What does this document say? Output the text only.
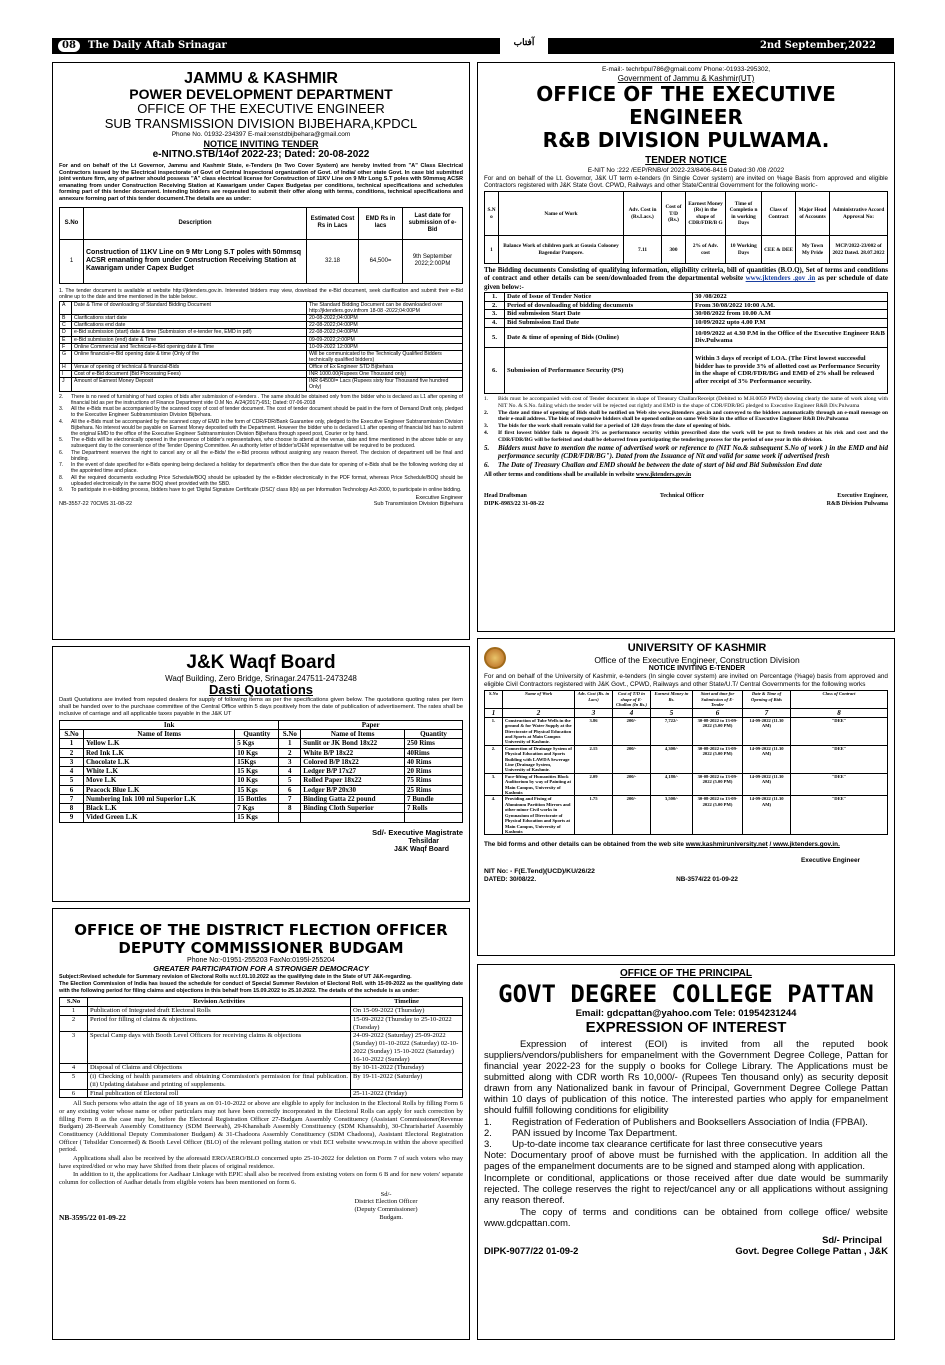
08	The Daily Aftab Srinagar	آفتاب	2nd September,2022
JAMMU & KASHMIR
POWER DEVELOPMENT DEPARTMENT
OFFICE OF THE EXECUTIVE ENGINEER
SUB TRANSMISSION DIVISION BIJBEHARA,KPDCL
Phone No. 01932-234397 E-mail:xenstdbijbehara@gmail.com
NOTICE INVITING TENDER
e-NITNO.STB/14of 2022-23; Dated: 20-08-2022

For and on behalf of the Lt Governor, Jammu and Kashmir State, e-Tenders (In Two Cover System) are hereby invited from "A" Class Electrical Contractors issued by the Electrical inspectorate of Govt of Central Inspectoral organization of Govt. of India/ other state Govt. In case bid submitted joint venture firm, any of partner should possess "A" class electrical license for Construction of 11KV Line on 9 Mtr Long S.T poles with 50mmsq ACSR emanating from under Construction Receiving Station at Kawarigam under Capex Budgetas per conditions, technical specifications and schedules forming part of this tender document. Intending bidders are requested to submit their offer along with terms, conditions, technical specifications and annexure forming part of this tender document.The details are as under:

S.No	Description	Estimated Cost Rs in Lacs	EMD Rs in lacs	Last date for submission of e-Bid
1	Construction of 11KV Line on 9 Mtr Long S.T poles with 50mmsq ACSR emanating from under Construction Receiving Station at Kawarigam under Capex Budget	32.18	64,500=	9th September 2022;2:00PM

1. The tender document is available at website http://jktenders.gov.in. Interested bidders may view, download the e-Bid document, seek clarification and submit their e-Bid online up to the date and time mentioned in the table below:.

A	Date & Time of downloading of Standard Bidding Document	The Standard Bidding Document can be downloaded over http://jktenders.gov.infrom 18-08 -2022;04:00PM
B	Clarifications start date	20-08-2022;04:00PM
C	Clarifications end date	22-08-2022;04:00PM
D	e-Bid submission (start) date & time (Submission of e-tender fee, EMD in pdf)	22-08-2022;04:00PM
E	e-Bid submission (end) date & Time	09-09-2022;2:00PM
F	Online Commercial and Technical-e-Bid opening date & Time	10-09-2022 12:00PM
G	Online financial-e-Bid opening date & time (Only of the	Will be communicated to the Technically Qualified Bidders technically qualified bidders)
H	Venue of opening of technical & financial-Bids	Office of Ex Engineer STD Bijbehara
I	Cost of e-Bid document (Bid Processing Fees)	INR 1000.00(Rupees One Thousand only)
J	Amount of Earnest Money Deposit	INR 64500/= Lacs (Rupees sixty four Thousand five hundred Only)
2.	There is no need of furnishing of hard copies of bids after submission of e-tenders . The same should be obtained only from the bidder who is declared as L1 after opening of financial bid as per the instructions of Finance Department vide O.M No. A/24(2017)-651; Dated: 07-06-2018
3.	All the e-Bids must be accompanied by the scanned copy of cost of tender document. The cost of tender document should be paid in the form of Demand Draft only, pledged to the Executive Engineer Subtransmission Division Bijbehara.
4.	All the e-Bids must be accompanied by the scanned copy of EMD in the form of CDR/FDR/Bank Guarantee only, pledged to the Executive Engineer Subtransmission Division Bijbehara. No interest would be payable on Earnest Money deposited with the Department. However the bidder who is declared L1 after opening of financial bid has to submit the original EMD to the office of the Executive Engineer Subtransmission Division Bijbehara through speed post, Courier or by hand.
5.	The e-Bids will be electronically opened in the presence of bidder's representatives, who choose to attend at the venue, date and time mentioned in the above table or any subsequent day to the convenience of the Tender Opening Committee. An authority letter of bidder's/OEM representative will be required to be produced.
6.	The Department reserves the right to cancel any or all the e-Bids/ the e-Bid process without assigning any reason thereof. The decision of department will be final and binding.
7.	In the event of date specified for e-Bids opening being declared a holiday for department's office then the due date for opening of e-Bids shall be the following working day at the appointed time and place.
8.	All the required documents excluding Price Schedule/BOQ should be uploaded by the e-Bidder electronically in the PDF format, whereas Price Schedule/BOQ should be uploaded electronically in the same BOQ sheet provided with the SBD.
9.	To participate in e-bidding process, bidders have to get 'Digital Signature Certificate (DSC)' class II(b) as per Information Technology Act-2000, to participate in online bidding.
Executive Engineer
NB-3557-22 70CMS 31-08-22	Sub Transmission Division Bijbehara
E-mail:- techrbpul786@gmail.com/ Phone:-01933-295302,
Government of Jammu & Kashmir(UT)
OFFICE OF THE EXECUTIVE ENGINEER
R&B DIVISION PULWAMA.
TENDER NOTICE
E-NIT No :222 /EEP/RNB/of 2022-23/8406-8416 Dated:30 /08 /2022

For and on behalf of the Lt. Governor, J&K UT term e-tenders (In Single Cover system) are invited on %age Basis from approved and eligible Contractors registered with J&K State Govt. CPWD, Railways and other State/Central Government for the following work:-

S.N o	Name of Work	Adv. Cost in (Rs.Lacs.)	Cost of T/D (Rs.)	Earnest Money (Rs) in the shape of CDR/FDR/B G	Time of Completio n in working Days	Class of Contract	Major Head of Accounts	Administrative Accord Approval No:
1	Balance Work of children park at Gousia Colooney Bagendar Pampore.	7.11	300	2% of Adv. cost	10 Working Days	CEE & DEE	My Town My Pride	MCP/2022-23/002 of 2022 Dated. 28.07.2022

The Bidding documents Consisting of qualifying information, eligibility criteria, bill of quantities (B.O.Q), Set of terms and conditions of contract and other details can be seen/downloaded from the departmental website www.jktenders .gov .in as per schedule of date given below:-

1.	Date of Issue of Tender Notice	30 /08/2022
2.	Period of downloading of bidding documents	From 30/08/2022 10:00 A.M.
3.	Bid submission Start Date	30/08/2022 from 10.00 A.M
4.	Bid Submission End Date	10/09/2022 upto 4.00 P.M
5.	Date & time of opening of Bids (Online)	10/09/2022 at 4.30 P.M in the Office of the Executive Engineer R&B Div.Pulwama
6.	Submission of Performance Security (PS)	Within 3 days of receipt of LOA. (The First lowest successful bidder has to provide 3% of allotted cost as Performance Security in the shape of CDR/FDR/BG and EMD of 2% shall be released after receipt of 3% Performance security.
1.	Bids must be accompanied with cost of Tender document in shape of Treasury Challan/Receipt (Debited to M.H.0059 PWD) showing clearly the name of work along with NIT No. & S.No. failing which the tender will be rejected out rightly and EMD in the shape of CDR/FDR/BG pledged to Executive Engineer R&B Div.Pulwama
2.	The date and time of opening of Bids shall be notified on Web site www.jktenders .gov.in and conveyed to the bidders automatically through an e-mail message on their e-mail address. The bids of responsive bidders shall be opened online on same Web Site in the office of Executive Engineer R&B Div.Pulwama
3.	The bids for the work shall remain valid for a period of 120 days from the date of opening of bids.
4.	If first lowest bidder fails to deposit 3% as performance security within prescribed date the work will be put to fresh tenders at his risk and cost and the CDR/FDR/BG will be forfeited and shall be debarred from participating the tendering process for the period of one year in this division.
5.	Bidders must have to mention the name of advertised work or reference to (NIT No.& subsequent S.No of work ) in the EMD and bid performance security (CDR/FDR/BG"). Dated from the Issuance of Nit and valid for same work if advertised fresh
6.	The Date of Treasury Challan and EMD should be between the date of start of bid and Bid Submission End date

All other terms and conditions shall be available in website www.jktenders.gov.in

Head Draftsman	Technical Officer	Executive Engineer,
DIPK-8983/22 31-08-22	R&B Division Pulwama
J&K Waqf Board
Waqf Building, Zero Bridge, Srinagar.247511-2473248
Dasti Quotations

Dasti Quotations are invited from reputed dealers for supply of following items as per the specifications given below. The quotations quoting rates per item shall be handed over to the purchase committee of the Central Office within 5 days positively from the date of publication of advertisement. The rates shall be inclusive of carriage and all applicable taxes payable in the J&K UT

Ink			Paper		
S.No	Name of Items	Quantity	S.No	Name of Items	Quantity
1	Yellow L.K	5 Kgs	1	Sunlit or JK Bond 18x22	250 Rims
2	Red Ink L.K	10 Kgs	2	White B/P 18x22	40Rims
3	Chocolate L.K	15Kgs	3	Colored B/P 18x22	40 Rims
4	White L.K	15 Kgs	4	Ledger B/P 17x27	20 Rims
5	Move L.K	10 Kgs	5	Rolled Paper 18x22	75 Rims
6	Peacock Blue L.K	15 Kgs	6	Ledger B/P 20x30	25 Rims
7	Numbering Ink 100 ml Superior L.K	15 Bottles	7	Binding Gatta 22 pound	7 Bundle
8	Black L.K	7 Kgs	8	Binding Cloth Superior	7 Rolls
9	Vided Green L.K	15 Kgs			
Sd/- Executive Magistrate
Tehsildar
J&K Waqf Board
UNIVERSITY OF KASHMIR
Office of the Executive Engineer, Construction Division
NOTICE INVITING E-TENDER

For and on behalf of the University of Kashmir, e-tenders (In single cover system) are invited on Percentage (%age) basis from approved and eligible Civil Contractors registered with J&K Govt., CPWD, Railways and other State/U.T/ Central Governments for the following works

S.No	Name of Work	Adv. Cost (Rs. in Lacs)	Cost of T/D in shape of E-Challan (In Rs.)	Earnest Money in Rs.	Start and time for Submission of E-Tender	Date & Time of Opening of Bids	Class of Contract
1	2	3	4	5	6	7	8
1.	Construction of Tube Wells in the ground & for Water Supply at the Directorate of Physical Education and Sports at Main Campus University of Kashmir.	3.86	200/-	7,722/-	30-08-2022 to 13-09-2022 (5.00 PM)	14-09-2022 (11.30 AM)	"DEE"
2.	Connection of Drainage System of Physical Education and Sports Building with LAWDA Sewerage Line (Drainage System, University of Kashmir.	2.15	200/-	4,300/-	30-08-2022 to 13-09-2022 (5.00 PM)	14-09-2022 (11.30 AM)	"DEE"
3.	Face-lifting of Humanities Block Auditorium by way of Painting at Main Campus, University of Kashmir.	2.09	200/-	4,180/-	30-08-2022 to 13-09-2022 (5.00 PM)	14-09-2022 (11.30 AM)	"DEE"
4.	Providing and Fixing of Aluminum Partition Mirrors and other minor Civil works in Gymnasium of Directorate of Physical Education and Sports at Main Campus, University of Kashmir.	1.75	200/-	3,500/-	30-08-2022 to 13-09-2022 (5.00 PM)	14-09-2022 (11.30 AM)	"DEE"

The bid forms and other details can be obtained from the web site www.kashmiruniversity.net / www.jktenders.gov.in.

Executive Engineer
NIT No: - F(E.Tend)(UCD)/KU/26/22
DATED: 30/08/22.	NB-3574/22 01-09-22
OFFICE OF THE DISTRICT FLECTION OFFICER
DEPUTY COMMISSIONER BUDGAM
Phone No:-01951-255203 FaxNo:0195l-255204
GREATER PARTICIPATION FOR A STRONGER DEMOCRACY

Subject:Revised schedule for Summary revision of Electoral Rolls w.r.f.01.10.2022 as the qualifying date in the State of UT J&K-regarding.

The Election Commission of India has issued the schedule for conduct of Special Summer Revision of Electoral Roll. with 15-09-2022 as the qualifying date with the following period for filing claims and objections in this behalf from 15.09.2022 to 25.10.2022. The details of the schedule is as under:

S.No	Revision Activities	Timeline
1	Publication of Integrated draft Electoral Rolls	On 15-09-2022 (Thursday)
2	Period for filling of claims & objections.	15-09-2022 (Thursday to 25-10-2022 (Tuesday)
3	Special Camp days with Booth Level Officers for receiving claims & objections	24-09-2022 (Saturday) 25-09-2022 (Sunday) 01-10-2022 (Saturday) 02-10-2022 (Sunday) 15-10-2022 (Saturday) 16-10-2022 (Sunday)
4	Disposal of Claims and Objections	By 10-11-2022 (Thursday)
5	(i) Checking of health parameters and obtaining Commission's permission for final publication. (ii) Updating database and printing of supplements.	By 19-11-2022 (Saturday)
6	Final publication of Electoral roll	25-11-2022 (Friday)

All Such persons who attain the age of 18 years as on 01-10-2022 or above are eligible to apply for inclusion in the Electoral Rolls by filling Form 6 or any existing voter whose name or other particulars may not have been correctly incorporated in the Electoral Rolls can apply for such correction by filling Form 8 as the case may be, before the Electoral Registration Officer 27-Budgam Assembly Constituency (Assistant Commissioner(Revenue Budgam) 28-Beerwah Assembly Constituency (SDM Beerwah), 29-Khanshaib Assembly Constituency (SDM Khansahib), 30-Chrarisharief Assembly Constituency (Additional Deputy Commissioner Budgam) & 31-Chadoora Assembly Constituency (SDM Chadoora), Assistant Electoral Registration Officer ( Tehsildar Concerned) & Booth Level Officer (BLO) of the relevant polling station or visit ECI website www.nvsp.in within the above specified period.

Applications shall also be received by the aforesaid ERO/AERO/BLO concerned upto 25-10-2022 for deletion on Form 7 of such voters who may have expired/died or who may have Shifted from their places of original residence.

In addition to it, the applications for Aadhaar Linkage with EPIC shall also be received from existing voters on form 6 B and for new voters' separate column for collection of Aadhar details from eligible voters has been mentioned on form 6.

Sd/-
District Election Officer
(Deputy Commissioner)
NB-3595/22 01-09-22	Budgam.
OFFICE OF THE PRINCIPAL
GOVT DEGREE COLLEGE PATTAN
Email: gdcpattan@yahoo.com Tele: 01954231244
EXPRESSION OF INTEREST

Expression of interest (EOI) is invited from all the reputed book suppliers/vendors/publishers for empanelment with the Government Degree College, Pattan for financial year 2022-23 for the supply o books for College Library. The Applications must be submitted along with CDR worth Rs 10,000/- (Rupees Ten thousand only) as security deposit drawn from any Nationalized bank in favour of Principal, Government Degree College Pattan within 10 days of publication of this notice. The interested parties who apply for empanelment should fulfill following conditions for eligibility

1.	Registration of Federation of Publishers and Booksellers Association of India (FPBAI).
2.	PAN issued by Income Tax Department.
3.	Up-to-date income tax clearance certificate for last three consecutive years

Note: Documentary proof of above must be furnished with the application. In addition all the pages of the empanelment documents are to be signed and stamped along with application.

Incomplete or conditional, applications or those received after due date would be summarily rejected. The college reserves the right to reject/cancel any or all applications without assigning any reason thereof.

The copy of terms and conditions can be obtained from college office/ website www.gdcpattan.com.

Sd/- Principal
DIPK-9077/22 01-09-2	Govt. Degree College Pattan , J&K
